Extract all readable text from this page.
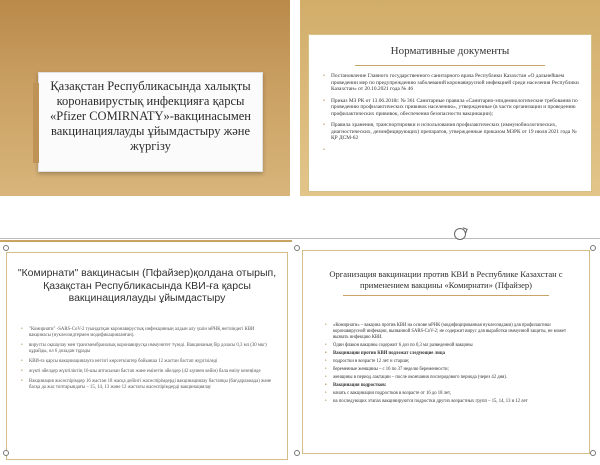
Қазақстан Республикасында халықты коронавирустық инфекцияға қарсы «Pfizer COMIRNATY»-вакцинасымен вакцинациялауды ұйымдастыру және жүргізу
Нормативные документы
• Постановление Главного государственного санитарного врача Республики Казахстан «О дальнейшем проведении мер по предупреждению заболеваний коронавирусной инфекцией среди населения Республики Казахстан» от 20.10.2021 года № 46
• Приказ МЗ РК от 13.06.2018г. № 361 Санитарные правила «Санитарно-эпидемиологические требования по проведению профилактических прививок населению», утвержденные (в части организации и проведению профилактических прививок, обеспечения безопасности вакцинации);
• Правила хранения, транспортировки и использования профилактических (иммунобиологических, диагностических, дезинфицирующих) препаратов, утвержденные приказом МЗРК от 19 июля 2021 года № ҚР ДСМ-62
"Комирнати" вакцинасын (Пфайзер)қолдана отырып, Қазақстан Республикасында КВИ-ға қарсы вакцинациялауды ұйымдастыру
• "Комирнати" -SARS-CoV-2 туындатқан коронавирустық инфекцияның алдын алу үшін мРНҚ негізіндегі КВИ вакцинасы (нуклеозидтермен модификацияланған).
• вирусты оқшаулау мен трансмембраналық коронавирусқа иммунитет түзеді. Вакцинаның бір дозасы 0,3 мл (30 мкг) құрайды, ол 6 дозадан тұрады
• КВИ-ға қарсы вакцинациялауға негізгі көрсеткіштер бойынша 12 жастан бастап жүргізіледі
• жүкті әйелдер жүктіліктің 16-шы аптасынан бастап және емізетін әйелдер (42 күннен кейін) бала емізу кезеңінде
• Вакцинация жасөспірімдер 16 жастан 18 жасқа дейінгі жасөспірімдерді вакцинациялау бастапқы (бағдарламада) және басқа да жас топтарындағы – 15, 14, 13 және 12 жастағы жасөспірімдерді вакцинациялау
Организация вакцинации против КВИ в Республике Казахстан с применением вакцины «Комирнати» (Пфайзер)
• «Комирнати» – вакцина против КВИ на основе мРНК (модифицированная нуклеозидами) для профилактики коронавирусной инфекции, вызванной SARS-CoV-2; не содержит вирус для выработки иммунной защиты, не может вызвать инфекцию КВИ.
• Один флакон вакцины содержит 6 доз по 0,3 мл разведенной вакцины
• Вакцинации против КВИ подлежат следующие лица
• подростки в возрасте 12 лет и старше;
• беременные женщины – с 16 по 37 неделю беременности;
• женщины в период лактации – после окончания послеродового периода (через 42 дня).
• Вакцинация подростков:
• начать с вакцинации подростков в возрасте от 16 до 18 лет,
• на последующих этапах вакцинируются подростки других возрастных групп – 15, 14, 13 и 12 лет
